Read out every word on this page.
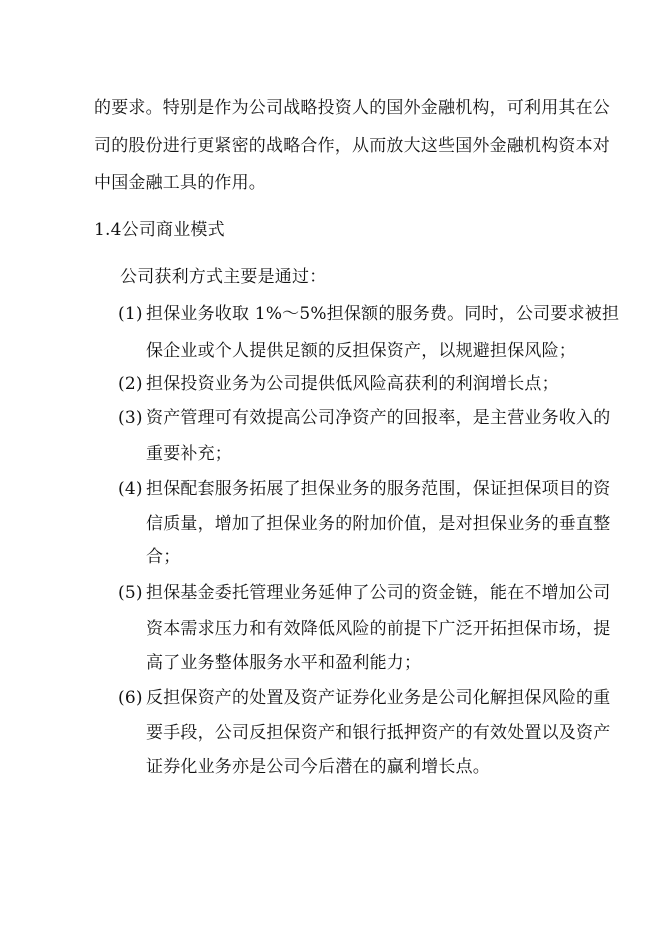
的要求。特别是作为公司战略投资人的国外金融机构，可利用其在公
司的股份进行更紧密的战略合作，从而放大这些国外金融机构资本对
中国金融工具的作用。
1.4公司商业模式
公司获利方式主要是通过：
(1) 担保业务收取 1%～5%担保额的服务费。同时，公司要求被担
保企业或个人提供足额的反担保资产，以规避担保风险；
(2) 担保投资业务为公司提供低风险高获利的利润增长点；
(3) 资产管理可有效提高公司净资产的回报率，是主营业务收入的
重要补充；
(4) 担保配套服务拓展了担保业务的服务范围，保证担保项目的资
信质量，增加了担保业务的附加价值，是对担保业务的垂直整
合；
(5) 担保基金委托管理业务延伸了公司的资金链，能在不增加公司
资本需求压力和有效降低风险的前提下广泛开拓担保市场，提
高了业务整体服务水平和盈利能力；
(6) 反担保资产的处置及资产证券化业务是公司化解担保风险的重
要手段，公司反担保资产和银行抵押资产的有效处置以及资产
证券化业务亦是公司今后潜在的赢利增长点。
